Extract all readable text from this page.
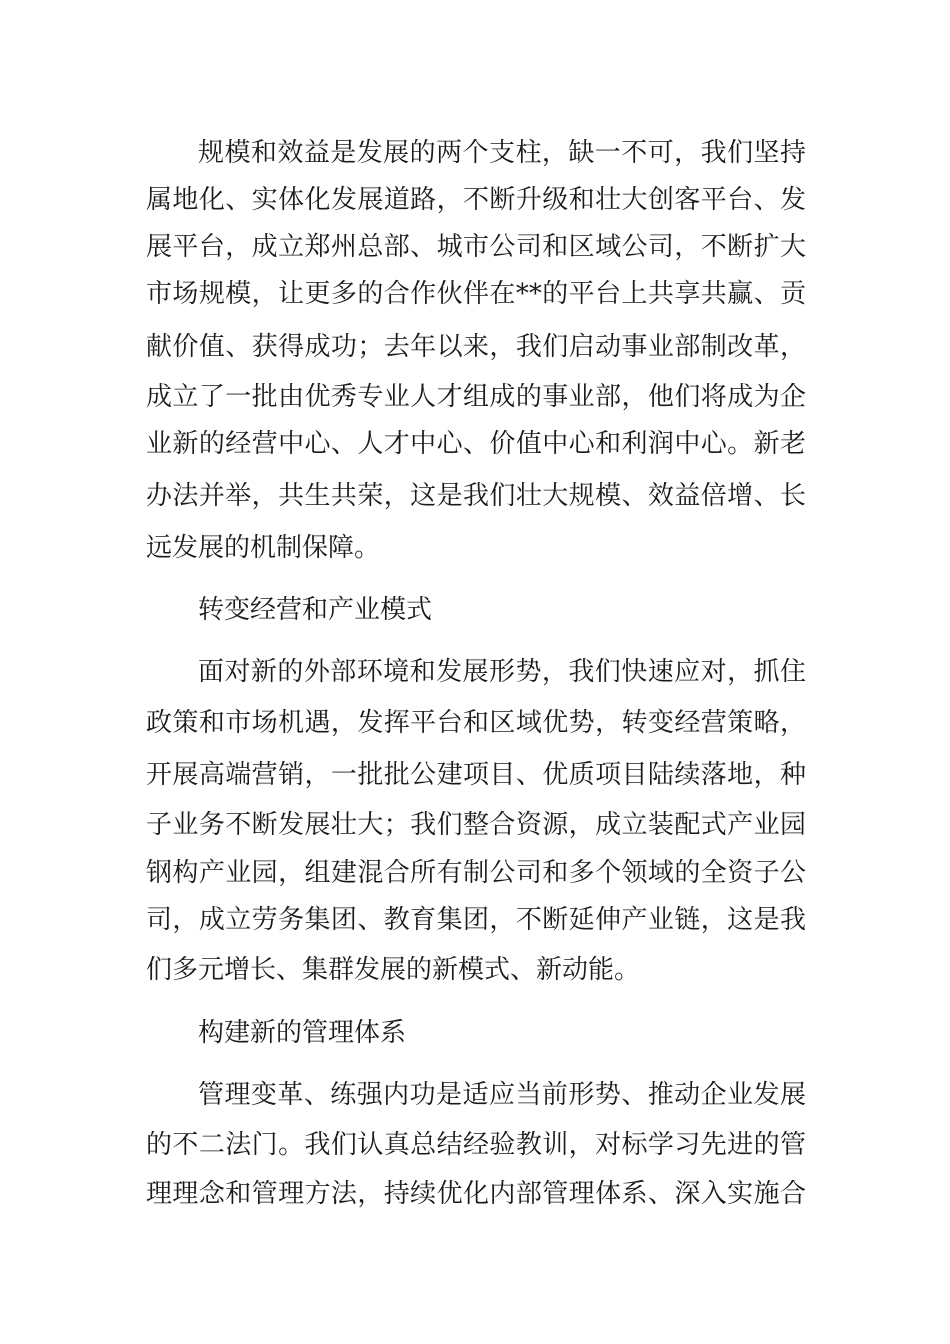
规模和效益是发展的两个支柱，缺一不可，我们坚持
属地化、实体化发展道路，不断升级和壮大创客平台、发
展平台，成立郑州总部、城市公司和区域公司，不断扩大
市场规模，让更多的合作伙伴在**的平台上共享共赢、贡
献价值、获得成功；去年以来，我们启动事业部制改革，
成立了一批由优秀专业人才组成的事业部，他们将成为企
业新的经营中心、人才中心、价值中心和利润中心。新老
办法并举，共生共荣，这是我们壮大规模、效益倍增、长
远发展的机制保障。
转变经营和产业模式
面对新的外部环境和发展形势，我们快速应对，抓住
政策和市场机遇，发挥平台和区域优势，转变经营策略，
开展高端营销，一批批公建项目、优质项目陆续落地，种
子业务不断发展壮大；我们整合资源，成立装配式产业园
钢构产业园，组建混合所有制公司和多个领域的全资子公
司，成立劳务集团、教育集团，不断延伸产业链，这是我
们多元增长、集群发展的新模式、新动能。
构建新的管理体系
管理变革、练强内功是适应当前形势、推动企业发展
的不二法门。我们认真总结经验教训，对标学习先进的管
理理念和管理方法，持续优化内部管理体系、深入实施合
